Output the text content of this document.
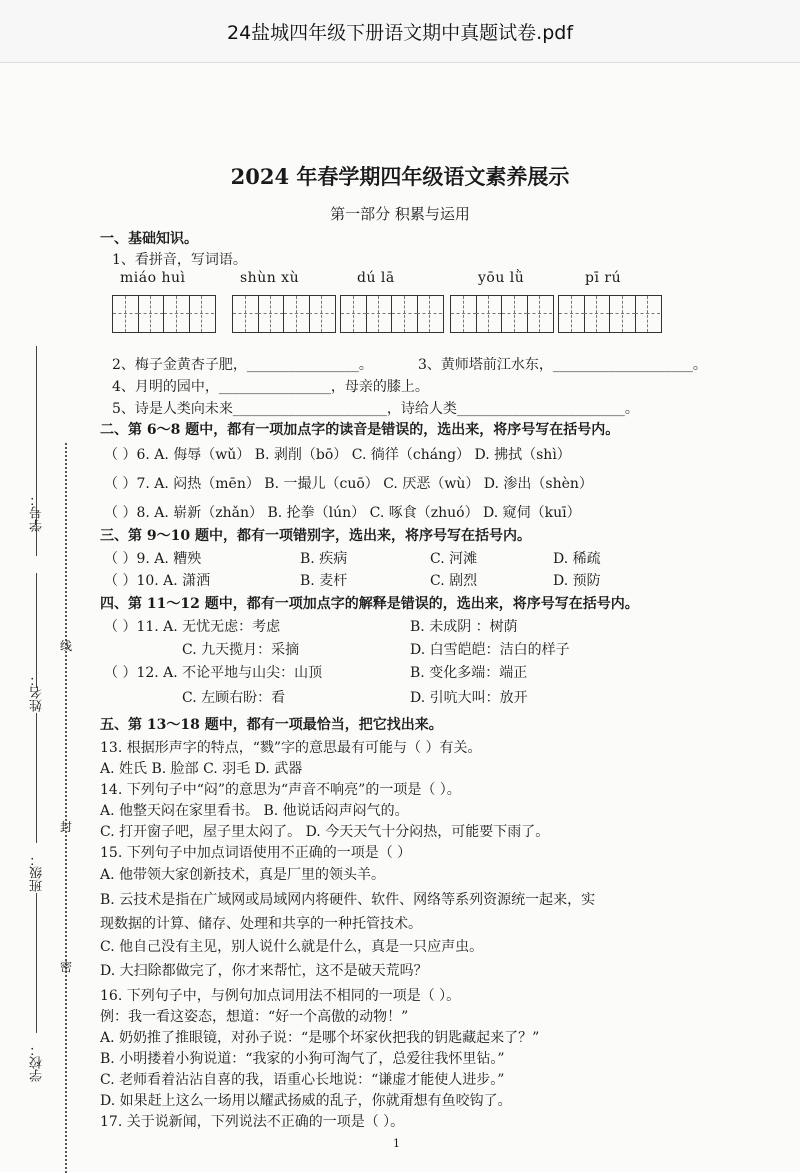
24盐城四年级下册语文期中真题试卷.pdf
学号：
姓名：
班级：
学校：
线
封
密
2024 年春学期四年级语文素养展示
第一部分 积累与运用
一、基础知识。
1、看拼音，写词语。
miáo huì	shùn xù	dú lā	yōu lǜ	pī rú
2、梅子金黄杏子肥，________________。	3、黄师塔前江水东，____________________。
4、月明的园中，________________，母亲的膝上。
5、诗是人类向未来______________________，诗给人类________________________。
二、第 6～8 题中，都有一项加点字的读音是错误的，选出来，将序号写在括号内。
（ ）6. A. 侮辱（wǔ） B. 剥削（bō） C. 徜徉（cháng） D. 拂拭（shì）
（ ）7. A. 闷热（mēn） B. 一撮儿（cuō） C. 厌恶（wù） D. 渗出（shèn）
（ ）8. A. 崭新（zhǎn） B. 抡拳（lún） C. 啄食（zhuó） D. 窥伺（kuī）
三、第 9～10 题中，都有一项错别字，选出来，将序号写在括号内。
（ ）9. A. 糟殃	B. 疾病	C. 河滩	D. 稀疏
（ ）10. A. 潇洒	B. 麦杆	C. 剧烈	D. 预防
四、第 11～12 题中，都有一项加点字的解释是错误的，选出来，将序号写在括号内。
（ ）11. A. 无忧无虑：考虑	B. 未成阴 ：树荫
C. 九天揽月：采摘	D. 白雪皑皑：洁白的样子
（ ）12. A. 不论平地与山尖：山顶	B. 变化多端：端正
C. 左顾右盼：看	D. 引吭大叫：放开
五、第 13～18 题中，都有一项最恰当，把它找出来。
13. 根据形声字的特点，“戮”字的意思最有可能与（ ）有关。
A. 姓氏 B. 脸部 C. 羽毛 D. 武器
14. 下列句子中“闷”的意思为“声音不响亮”的一项是（ ）。
A. 他整天闷在家里看书。 B. 他说话闷声闷气的。
C. 打开窗子吧，屋子里太闷了。 D. 今天天气十分闷热，可能要下雨了。
15. 下列句子中加点词语使用不正确的一项是（ ）
A. 他带领大家创新技术，真是厂里的领头羊。
B. 云技术是指在广域网或局域网内将硬件、软件、网络等系列资源统一起来，实
现数据的计算、储存、处理和共享的一种托管技术。
C. 他自己没有主见，别人说什么就是什么，真是一只应声虫。
D. 大扫除都做完了，你才来帮忙，这不是破天荒吗？
16. 下列句子中，与例句加点词用法不相同的一项是（ ）。
例：我一看这姿态，想道：“好一个高傲的动物！”
A. 奶奶推了推眼镜，对孙子说：“是哪个坏家伙把我的钥匙藏起来了？”
B. 小明搂着小狗说道：“我家的小狗可淘气了，总爱往我怀里钻。”
C. 老师看着沾沾自喜的我，语重心长地说：“谦虚才能使人进步。”
D. 如果赶上这么一场用以耀武扬威的乱子，你就甭想有鱼咬钩了。
17. 关于说新闻，下列说法不正确的一项是（ ）。
1
